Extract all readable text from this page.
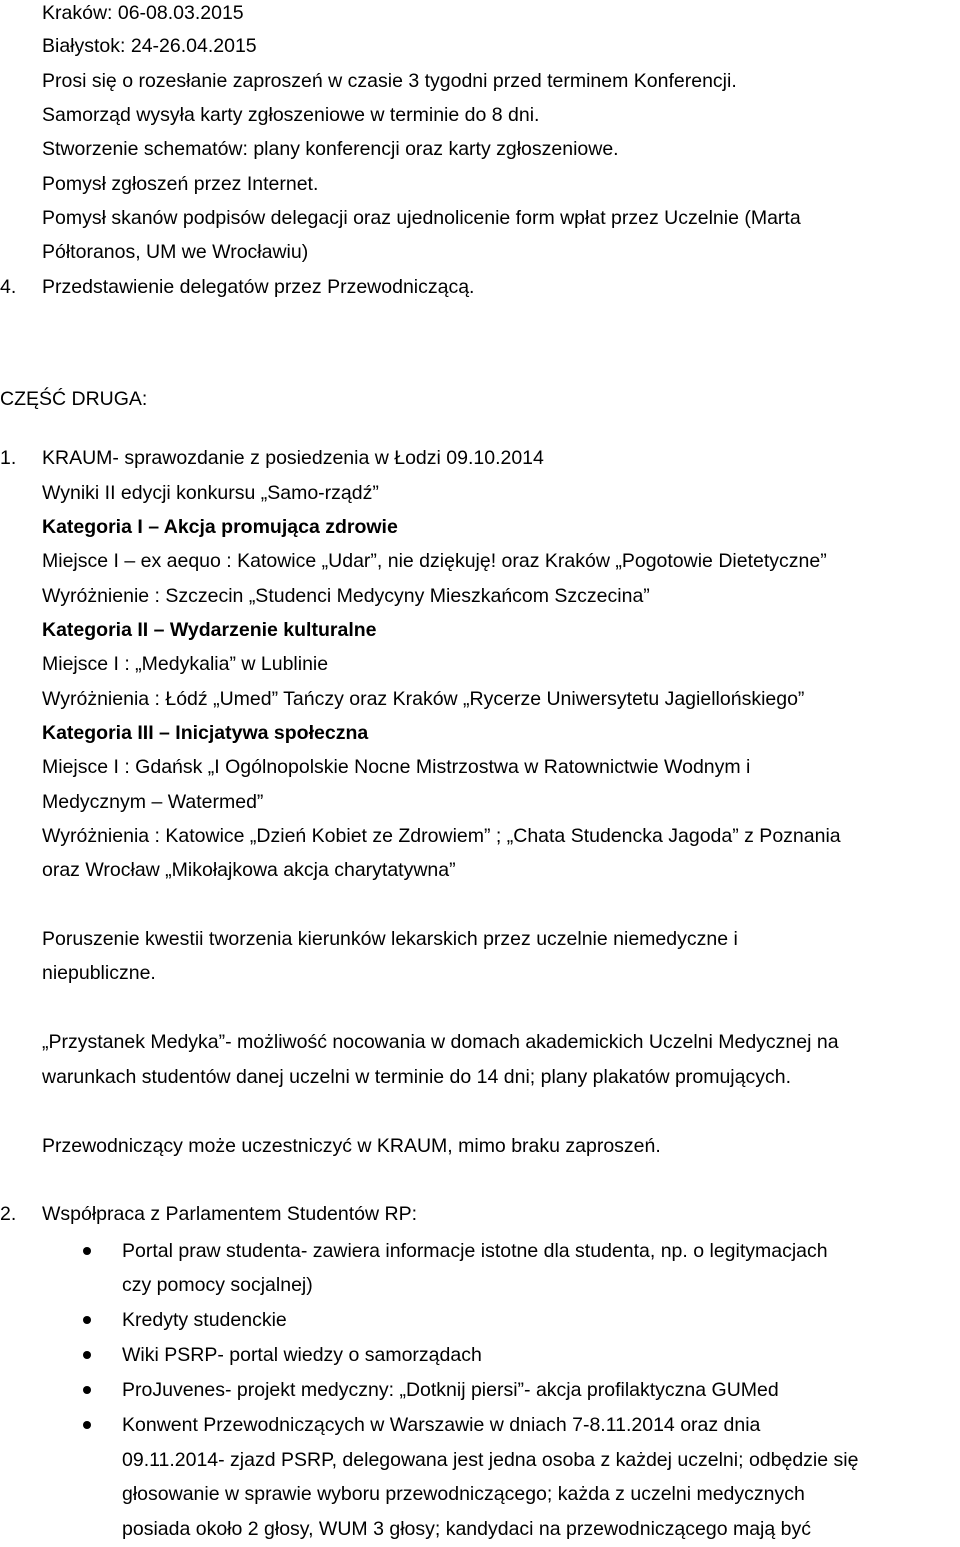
Kraków: 06-08.03.2015
Białystok: 24-26.04.2015
Prosi się o rozesłanie zaproszeń w czasie 3 tygodni przed terminem Konferencji.
Samorząd wysyła karty zgłoszeniowe w terminie do 8 dni.
Stworzenie schematów: plany konferencji oraz karty zgłoszeniowe.
Pomysł zgłoszeń przez Internet.
Pomysł skanów podpisów delegacji oraz ujednolicenie form wpłat przez Uczelnie (Marta
Półtoranos, UM we Wrocławiu)
4. Przedstawienie delegatów przez Przewodniczącą.
CZĘŚĆ DRUGA:
1. KRAUM- sprawozdanie z posiedzenia w Łodzi 09.10.2014
Wyniki II edycji konkursu „Samo-rządź”
Kategoria I – Akcja promująca zdrowie
Miejsce I – ex aequo : Katowice „Udar”, nie dziękuję! oraz Kraków „Pogotowie Dietetyczne”
Wyróżnienie : Szczecin „Studenci Medycyny Mieszkańcom Szczecina”
Kategoria II – Wydarzenie kulturalne
Miejsce I : „Medykalia” w Lublinie
Wyróżnienia : Łódź „Umed” Tańczy oraz Kraków „Rycerze Uniwersytetu Jagiellońskiego”
Kategoria III – Inicjatywa społeczna
Miejsce I : Gdańsk „I Ogólnopolskie Nocne Mistrzostwa w Ratownictwie Wodnym i
Medycznym – Watermed”
Wyróżnienia : Katowice „Dzień Kobiet ze Zdrowiem” ; „Chata Studencka Jagoda” z Poznania
oraz Wrocław „Mikołajkowa akcja charytatywna”
Poruszenie kwestii tworzenia kierunków lekarskich przez uczelnie niemedyczne i
niepubliczne.
„Przystanek Medyka”- możliwość nocowania w domach akademickich Uczelni Medycznej na
warunkach studentów danej uczelni w terminie do 14 dni; plany plakatów promujących.
Przewodniczący może uczestniczyć w KRAUM, mimo braku zaproszeń.
2. Współpraca z Parlamentem Studentów RP:
Portal praw studenta- zawiera informacje istotne dla studenta, np. o legitymacjach
czy pomocy socjalnej)
Kredyty studenckie
Wiki PSRP- portal wiedzy o samorządach
ProJuvenes- projekt medyczny: „Dotknij piersi”- akcja profilaktyczna GUMed
Konwent Przewodniczących w Warszawie w dniach 7-8.11.2014 oraz dnia
09.11.2014- zjazd PSRP, delegowana jest jedna osoba z każdej uczelni; odbędzie się
głosowanie w sprawie wyboru przewodniczącego; każda z uczelni medycznych
posiada około 2 głosy, WUM 3 głosy; kandydaci na przewodniczącego mają być
